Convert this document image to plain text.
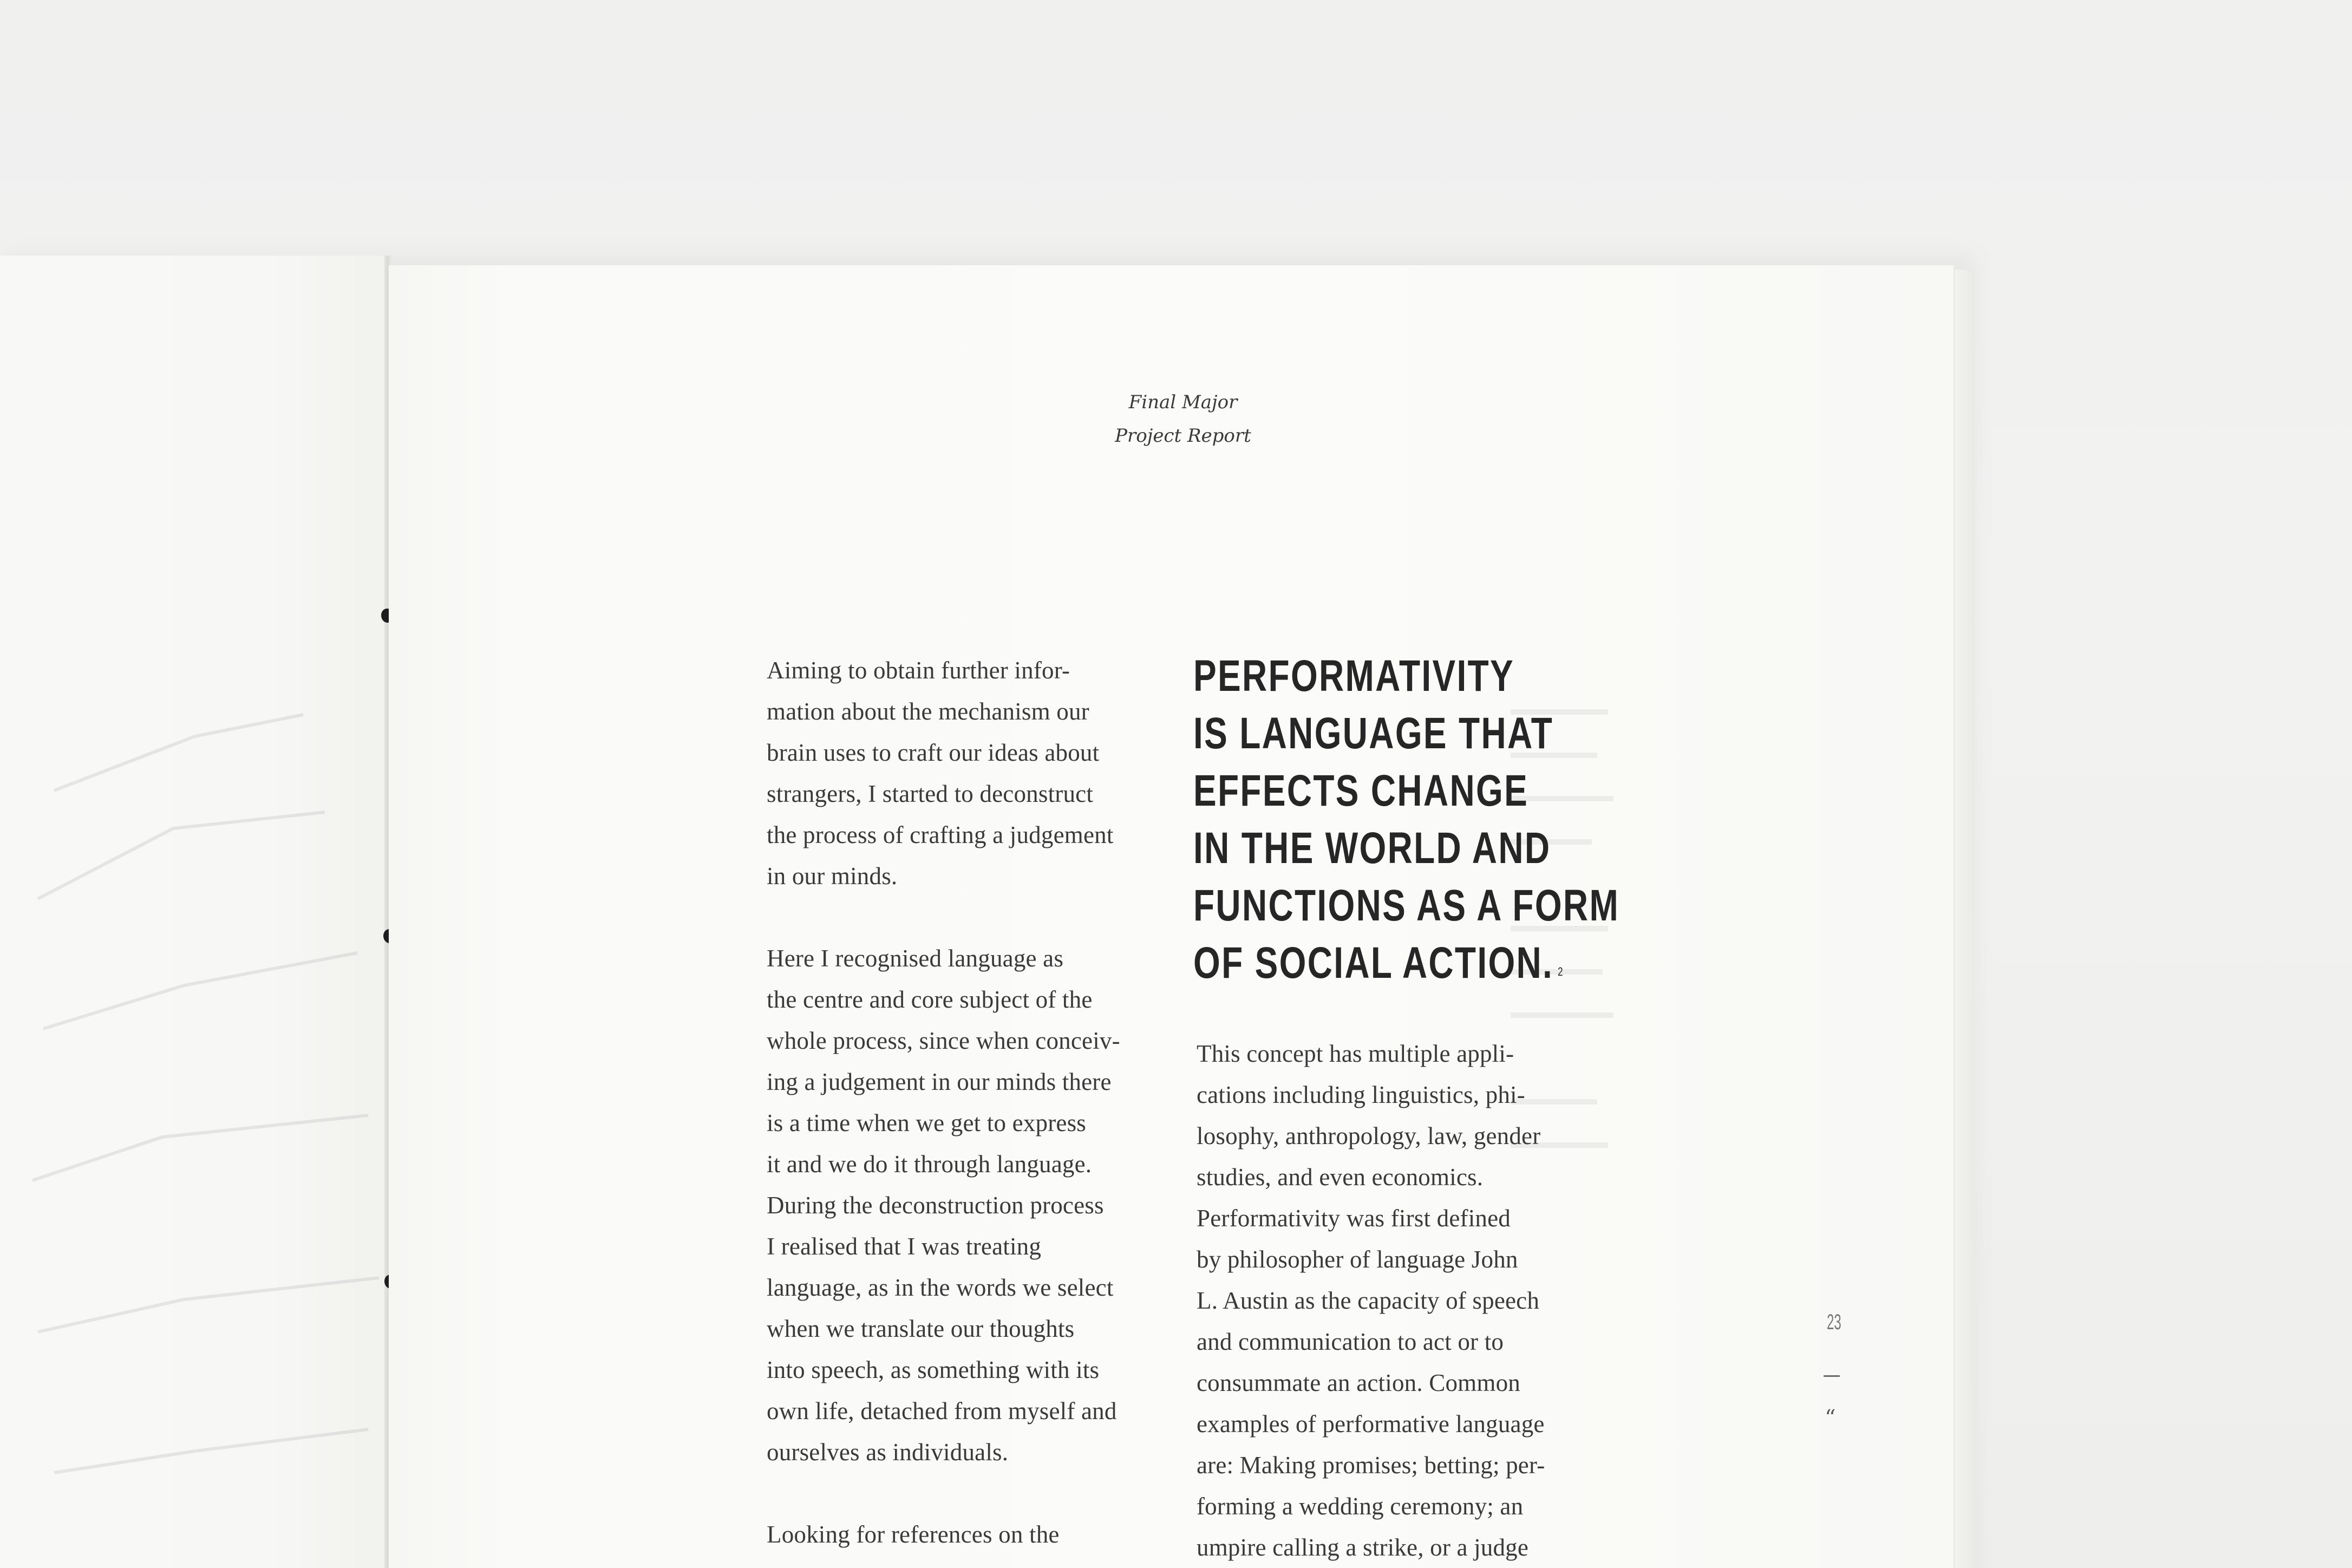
Final Major
Project Report

Aiming to obtain further infor-
mation about the mechanism our
brain uses to craft our ideas about
strangers, I started to deconstruct
the process of crafting a judgement
in our minds.

Here I recognised language as
the centre and core subject of the
whole process, since when conceiv-
ing a judgement in our minds there
is a time when we get to express
it and we do it through language.
During the deconstruction process
I realised that I was treating
language, as in the words we select
when we translate our thoughts
into speech, as something with its
own life, detached from myself and
ourselves as individuals.

Looking for references on the

PERFORMATIVITY
IS LANGUAGE THAT
EFFECTS CHANGE
IN THE WORLD AND
FUNCTIONS AS A FORM
OF SOCIAL ACTION. $^2$

This concept has multiple appli-
cations including linguistics, phi-
losophy, anthropology, law, gender
studies, and even economics.
Performativity was first defined
by philosopher of language John
L. Austin as the capacity of speech
and communication to act or to
consummate an action. Common
examples of performative language
are: Making promises; betting; per-
forming a wedding ceremony; an
umpire calling a strike, or a judge

23
“
